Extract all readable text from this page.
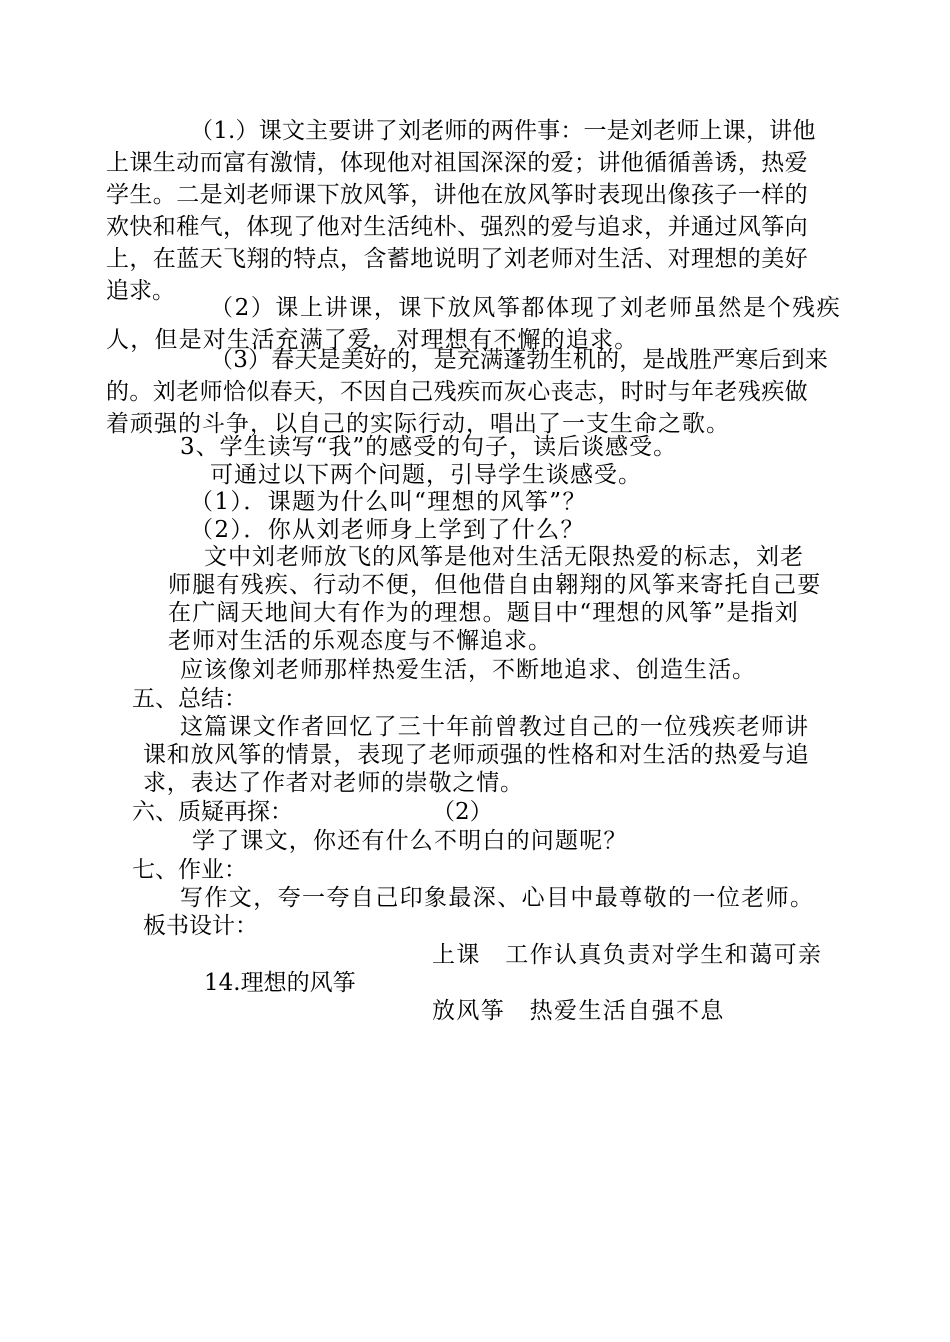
（1.）课文主要讲了刘老师的两件事：一是刘老师上课，讲他
上课生动而富有激情，体现他对祖国深深的爱；讲他循循善诱，热爱
学生。二是刘老师课下放风筝，讲他在放风筝时表现出像孩子一样的
欢快和稚气，体现了他对生活纯朴、强烈的爱与追求，并通过风筝向
上，在蓝天飞翔的特点，含蓄地说明了刘老师对生活、对理想的美好
追求。
（2）课上讲课，课下放风筝都体现了刘老师虽然是个残疾
人，但是对生活充满了爱，对理想有不懈的追求。
（3）春天是美好的，是充满蓬勃生机的，是战胜严寒后到来
的。刘老师恰似春天，不因自己残疾而灰心丧志，时时与年老残疾做
着顽强的斗争，以自己的实际行动，唱出了一支生命之歌。
3、学生读写“我”的感受的句子，读后谈感受。
可通过以下两个问题，引导学生谈感受。
（1）．课题为什么叫“理想的风筝”？
（2）．你从刘老师身上学到了什么？
文中刘老师放飞的风筝是他对生活无限热爱的标志，刘老
师腿有残疾、行动不便，但他借自由翱翔的风筝来寄托自己要
在广阔天地间大有作为的理想。题目中“理想的风筝”是指刘
老师对生活的乐观态度与不懈追求。
应该像刘老师那样热爱生活，不断地追求、创造生活。
五、总结：
这篇课文作者回忆了三十年前曾教过自己的一位残疾老师讲
课和放风筝的情景，表现了老师顽强的性格和对生活的热爱与追
求，表达了作者对老师的崇敬之情。
六、质疑再探：	（2）
学了课文，你还有什么不明白的问题呢？
七、作业：
写作文，夸一夸自己印象最深、心目中最尊敬的一位老师。
板书设计：
上课　工作认真负责对学生和蔼可亲
14.理想的风筝
放风筝　热爱生活自强不息
